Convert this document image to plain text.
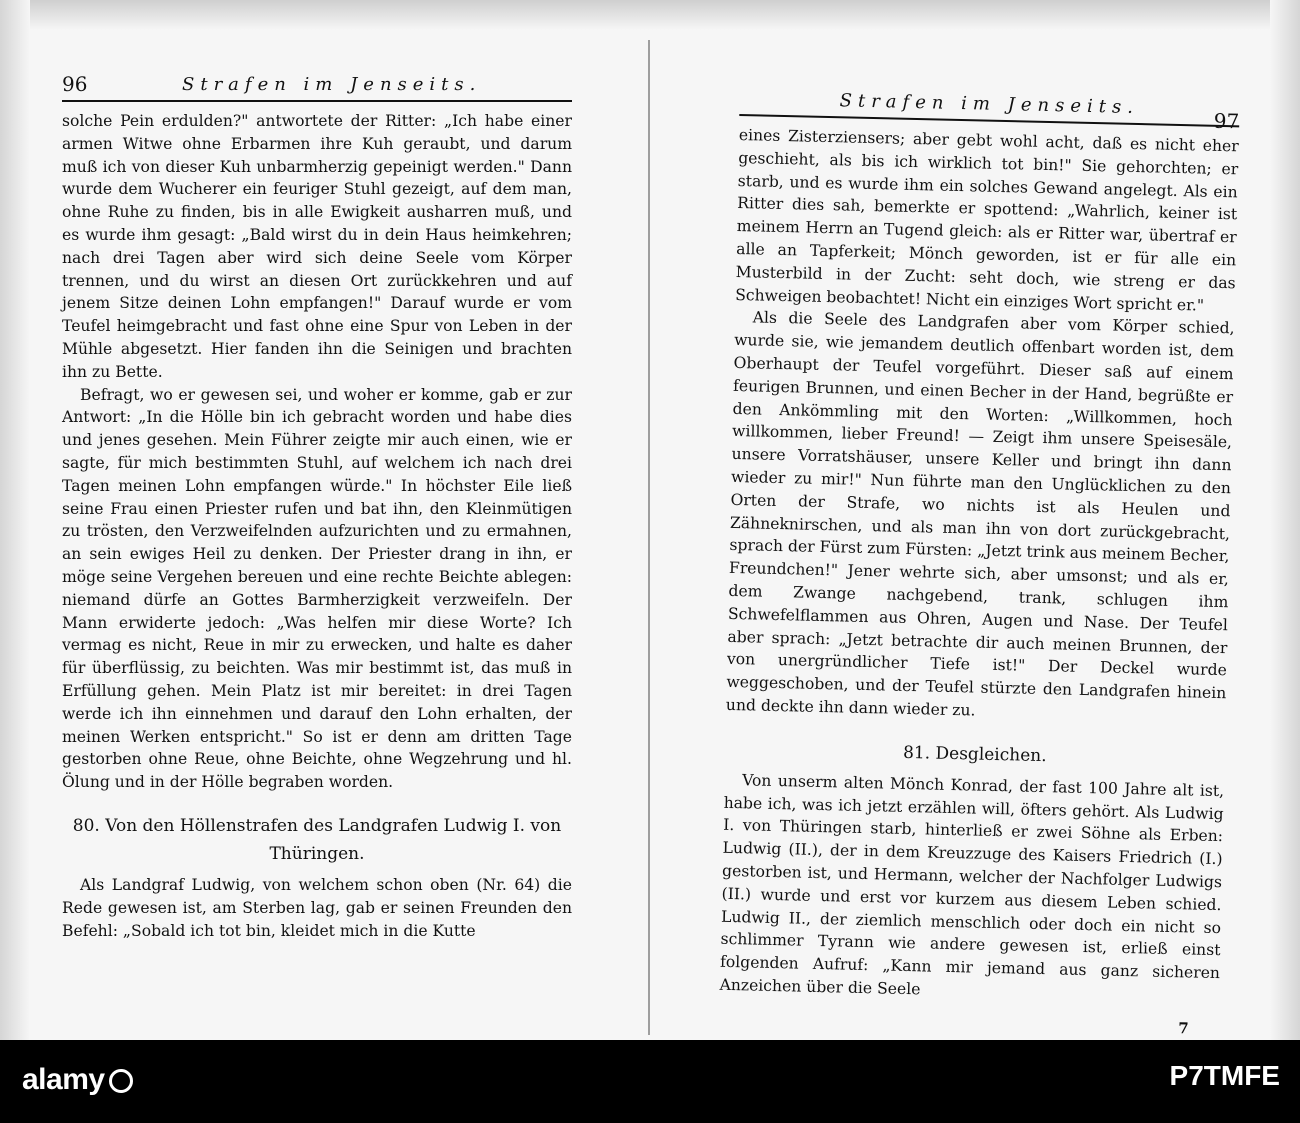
96	Strafen im Jenseits.

solche Pein erdulden?" antwortete der Ritter: „Ich habe einer armen Witwe ohne Erbarmen ihre Kuh geraubt, und darum muß ich von dieser Kuh unbarmherzig gepeinigt werden." Dann wurde dem Wucherer ein feuriger Stuhl gezeigt, auf dem man, ohne Ruhe zu finden, bis in alle Ewigkeit ausharren muß, und es wurde ihm gesagt: „Bald wirst du in dein Haus heimkehren; nach drei Tagen aber wird sich deine Seele vom Körper trennen, und du wirst an diesen Ort zurückkehren und auf jenem Sitze deinen Lohn empfangen!" Darauf wurde er vom Teufel heimgebracht und fast ohne eine Spur von Leben in der Mühle abgesetzt. Hier fanden ihn die Seinigen und brachten ihn zu Bette.

Befragt, wo er gewesen sei, und woher er komme, gab er zur Antwort: „In die Hölle bin ich gebracht worden und habe dies und jenes gesehen. Mein Führer zeigte mir auch einen, wie er sagte, für mich bestimmten Stuhl, auf welchem ich nach drei Tagen meinen Lohn empfangen würde." In höchster Eile ließ seine Frau einen Priester rufen und bat ihn, den Kleinmütigen zu trösten, den Verzweifelnden aufzurichten und zu ermahnen, an sein ewiges Heil zu denken. Der Priester drang in ihn, er möge seine Vergehen bereuen und eine rechte Beichte ablegen: niemand dürfe an Gottes Barmherzigkeit verzweifeln. Der Mann erwiderte jedoch: „Was helfen mir diese Worte? Ich vermag es nicht, Reue in mir zu erwecken, und halte es daher für überflüssig, zu beichten. Was mir bestimmt ist, das muß in Erfüllung gehen. Mein Platz ist mir bereitet: in drei Tagen werde ich ihn einnehmen und darauf den Lohn erhalten, der meinen Werken entspricht." So ist er denn am dritten Tage gestorben ohne Reue, ohne Beichte, ohne Wegzehrung und hl. Ölung und in der Hölle begraben worden.

80. Von den Höllenstrafen des Landgrafen Ludwig I. von Thüringen.

Als Landgraf Ludwig, von welchem schon oben (Nr. 64) die Rede gewesen ist, am Sterben lag, gab er seinen Freunden den Befehl: „Sobald ich tot bin, kleidet mich in die Kutte

Strafen im Jenseits.
97

eines Zisterziensers; aber gebt wohl acht, daß es nicht eher geschieht, als bis ich wirklich tot bin!" Sie gehorchten; er starb, und es wurde ihm ein solches Gewand angelegt. Als ein Ritter dies sah, bemerkte er spottend: „Wahrlich, keiner ist meinem Herrn an Tugend gleich: als er Ritter war, übertraf er alle an Tapferkeit; Mönch geworden, ist er für alle ein Musterbild in der Zucht: seht doch, wie streng er das Schweigen beobachtet! Nicht ein einziges Wort spricht er."

Als die Seele des Landgrafen aber vom Körper schied, wurde sie, wie jemandem deutlich offenbart worden ist, dem Oberhaupt der Teufel vorgeführt. Dieser saß auf einem feurigen Brunnen, und einen Becher in der Hand, begrüßte er den Ankömmling mit den Worten: „Willkommen, hoch willkommen, lieber Freund! — Zeigt ihm unsere Speisesäle, unsere Vorratshäuser, unsere Keller und bringt ihn dann wieder zu mir!" Nun führte man den Unglücklichen zu den Orten der Strafe, wo nichts ist als Heulen und Zähneknirschen, und als man ihn von dort zurückgebracht, sprach der Fürst zum Fürsten: „Jetzt trink aus meinem Becher, Freundchen!" Jener wehrte sich, aber umsonst; und als er, dem Zwange nachgebend, trank, schlugen ihm Schwefelflammen aus Ohren, Augen und Nase. Der Teufel aber sprach: „Jetzt betrachte dir auch meinen Brunnen, der von unergründlicher Tiefe ist!" Der Deckel wurde weggeschoben, und der Teufel stürzte den Landgrafen hinein und deckte ihn dann wieder zu.

81. Desgleichen.

Von unserm alten Mönch Konrad, der fast 100 Jahre alt ist, habe ich, was ich jetzt erzählen will, öfters gehört. Als Ludwig I. von Thüringen starb, hinterließ er zwei Söhne als Erben: Ludwig (II.), der in dem Kreuzzuge des Kaisers Friedrich (I.) gestorben ist, und Hermann, welcher der Nachfolger Ludwigs (II.) wurde und erst vor kurzem aus diesem Leben schied. Ludwig II., der ziemlich menschlich oder doch ein nicht so schlimmer Tyrann wie andere gewesen ist, erließ einst folgenden Aufruf: „Kann mir jemand aus ganz sicheren Anzeichen über die Seele

7
alamy	P7TMFE
